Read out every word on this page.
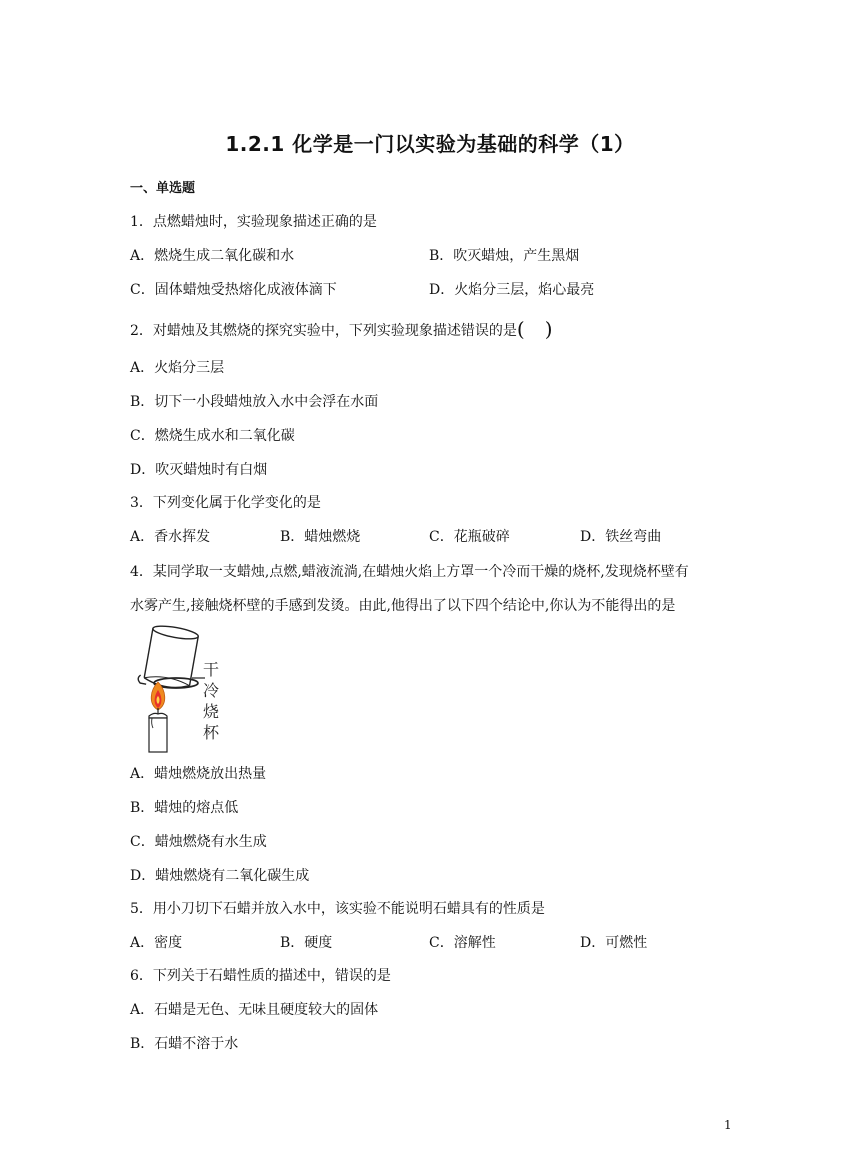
1.2.1 化学是一门以实验为基础的科学（1）
一、单选题
1．点燃蜡烛时，实验现象描述正确的是
A．燃烧生成二氧化碳和水	B．吹灭蜡烛，产生黑烟
C．固体蜡烛受热熔化成液体滴下	D．火焰分三层，焰心最亮
2．对蜡烛及其燃烧的探究实验中，下列实验现象描述错误的是(　)
A．火焰分三层
B．切下一小段蜡烛放入水中会浮在水面
C．燃烧生成水和二氧化碳
D．吹灭蜡烛时有白烟
3．下列变化属于化学变化的是
A．香水挥发	B．蜡烛燃烧	C．花瓶破碎	D．铁丝弯曲
4．某同学取一支蜡烛,点燃,蜡液流淌,在蜡烛火焰上方罩一个冷而干燥的烧杯,发现烧杯壁有
水雾产生,接触烧杯壁的手感到发烫。由此,他得出了以下四个结论中,你认为不能得出的是
干
冷
烧
杯
A．蜡烛燃烧放出热量
B．蜡烛的熔点低
C．蜡烛燃烧有水生成
D．蜡烛燃烧有二氧化碳生成
5．用小刀切下石蜡并放入水中，该实验不能说明石蜡具有的性质是
A．密度	B．硬度	C．溶解性	D．可燃性
6．下列关于石蜡性质的描述中，错误的是
A．石蜡是无色、无味且硬度较大的固体
B．石蜡不溶于水
1
